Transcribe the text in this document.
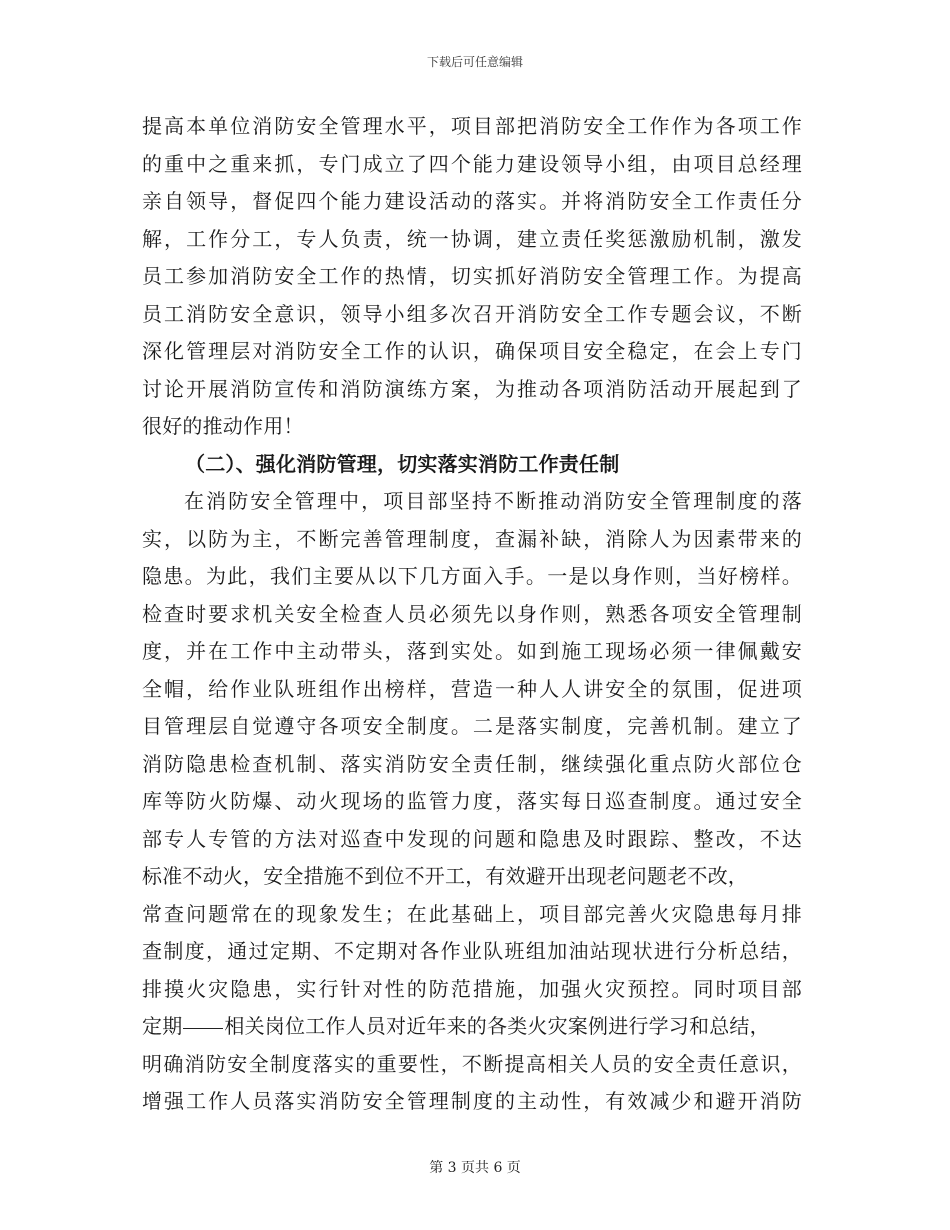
下载后可任意编辑
提高本单位消防安全管理水平，项目部把消防安全工作作为各项工作
的重中之重来抓，专门成立了四个能力建设领导小组，由项目总经理
亲自领导，督促四个能力建设活动的落实。并将消防安全工作责任分
解，工作分工，专人负责，统一协调，建立责任奖惩激励机制，激发
员工参加消防安全工作的热情，切实抓好消防安全管理工作。为提高
员工消防安全意识，领导小组多次召开消防安全工作专题会议，不断
深化管理层对消防安全工作的认识，确保项目安全稳定，在会上专门
讨论开展消防宣传和消防演练方案，为推动各项消防活动开展起到了
很好的推动作用！
（二）、强化消防管理，切实落实消防工作责任制
在消防安全管理中，项目部坚持不断推动消防安全管理制度的落
实，以防为主，不断完善管理制度，查漏补缺，消除人为因素带来的
隐患。为此，我们主要从以下几方面入手。一是以身作则，当好榜样。
检查时要求机关安全检查人员必须先以身作则，熟悉各项安全管理制
度，并在工作中主动带头，落到实处。如到施工现场必须一律佩戴安
全帽，给作业队班组作出榜样，营造一种人人讲安全的氛围，促进项
目管理层自觉遵守各项安全制度。二是落实制度，完善机制。建立了
消防隐患检查机制、落实消防安全责任制，继续强化重点防火部位仓
库等防火防爆、动火现场的监管力度，落实每日巡查制度。通过安全
部专人专管的方法对巡查中发现的问题和隐患及时跟踪、整改，不达
标准不动火，安全措施不到位不开工，有效避开出现老问题老不改，
常查问题常在的现象发生；在此基础上，项目部完善火灾隐患每月排
查制度，通过定期、不定期对各作业队班组加油站现状进行分析总结，
排摸火灾隐患，实行针对性的防范措施，加强火灾预控。同时项目部
定期 相关岗位工作人员对近年来的各类火灾案例进行学习和总结，
明确消防安全制度落实的重要性，不断提高相关人员的安全责任意识，
增强工作人员落实消防安全管理制度的主动性，有效减少和避开消防
第 3 页共 6 页
